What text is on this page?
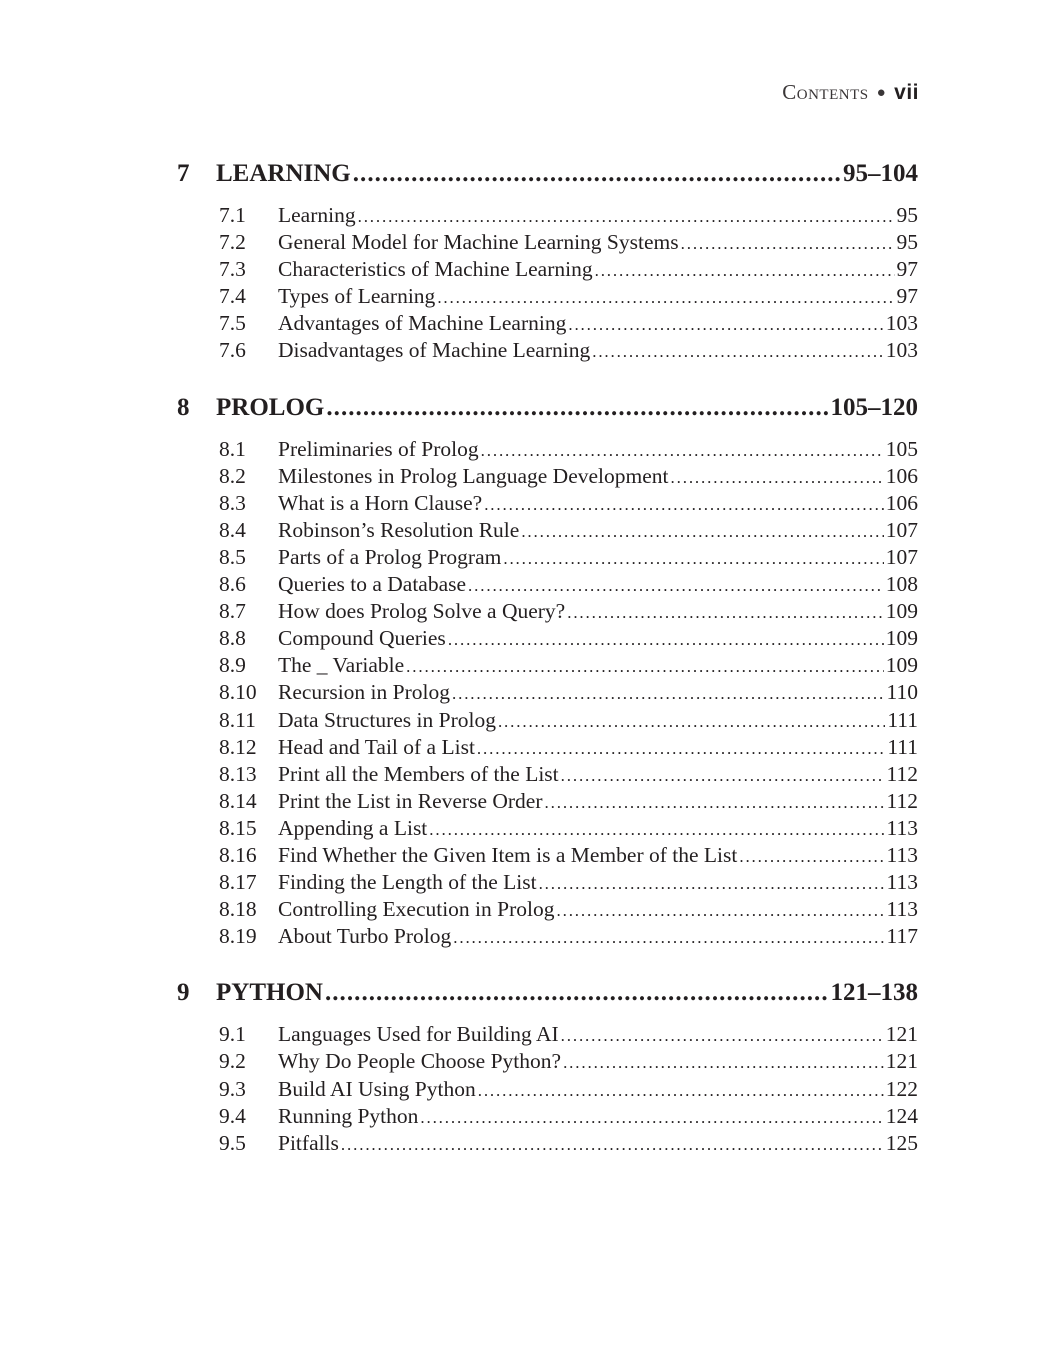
Contents ● vii
7	LEARNING . . .	95–104
7.1	Learning . . .	95
7.2	General Model for Machine Learning Systems . . .	95
7.3	Characteristics of Machine Learning . . .	97
7.4	Types of Learning . . .	97
7.5	Advantages of Machine Learning . . .	103
7.6	Disadvantages of Machine Learning . . .	103
8	PROLOG . . .	105–120
8.1	Preliminaries of Prolog . . .	105
8.2	Milestones in Prolog Language Development . . .	106
8.3	What is a Horn Clause? . . .	106
8.4	Robinson’s Resolution Rule . . .	107
8.5	Parts of a Prolog Program . . .	107
8.6	Queries to a Database . . .	108
8.7	How does Prolog Solve a Query? . . .	109
8.8	Compound Queries . . .	109
8.9	The _ Variable . . .	109
8.10 Recursion in Prolog . . .	110
8.11	Data Structures in Prolog . . .	111
8.12 Head and Tail of a List . . .	111
8.13 Print all the Members of the List . . .	112
8.14 Print the List in Reverse Order . . .	112
8.15 Appending a List . . .	113
8.16 Find Whether the Given Item is a Member of the List . . .	113
8.17 Finding the Length of the List . . .	113
8.18 Controlling Execution in Prolog . . .	113
8.19 About Turbo Prolog . . .	117
9	PYTHON . . .	121–138
9.1	Languages Used for Building AI . . .	121
9.2	Why Do People Choose Python? . . .	121
9.3	Build AI Using Python . . .	122
9.4	Running Python . . .	124
9.5	Pitfalls . . .	125
